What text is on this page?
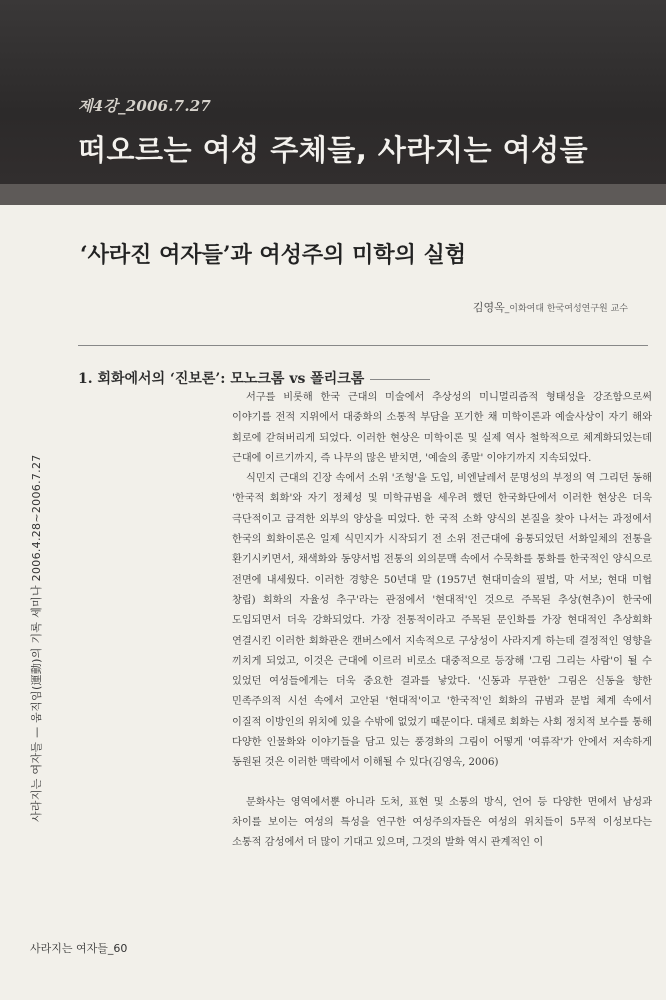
제4강_2006.7.27
떠오르는 여성 주체들, 사라지는 여성들
‘사라진 여자들’과 여성주의 미학의 실험
김영옥_이화여대 한국여성연구원 교수
1. 회화에서의 ‘진보론’: 모노크롬 vs 폴리크롬

서구를 비롯해 한국 근대의 미술에서 추상성의 미니멀리즘적 형태성을 강조함으로써 이야기를 전적 지위에서 대중화의 소통적 부담을 포기한 채 미학이론과 예술사상이 자기 해와 회로에 갇혀버리게 되었다. 이러한 현상은 미학이론 및 실제 역사 철학적으로 체계화되었는데 근대에 이르기까지, 즉 나무의 많은 받치면, '예술의 종말' 이야기까지 지속되었다.

식민지 근대의 긴장 속에서 소위 '조형'을 도입, 비엔날레서 문명성의 부정의 역 그리던 동해 '한국적 회화'와 자기 정체성 및 미학규범을 세우려 했던 한국화단에서 이러한 현상은 더욱 극단적이고 급격한 외부의 양상을 띠었다. 한 국적 소화 양식의 본질을 찾아 나서는 과정에서 한국의 회화이론은 일제 식민지가 시작되기 전 소위 전근대에 융통되었던 서화일체의 전통을 환기시키면서, 채색화와 동양서법 전통의 외의문맥 속에서 수묵화를 통화를 한국적인 양식으로 전면에 내세웠다. 이러한 경향은 50년대 말 (1957년 현대미술의 필법, 막 서보; 현대 미협 창립) 회화의 자율성 추구'라는 관점에서 '현대적'인 것으로 주목된 추상(현추)이 한국에 도입되면서 더욱 강화되었다. 가장 전통적이라고 주목된 문인화를 가장 현대적인 추상회화 연결시킨 이러한 회화관은 캔버스에서 지속적으로 구상성이 사라지게 하는데 결정적인 영향을 끼치게 되었고, 이것은 근대에 이르러 비로소 대중적으로 등장해 '그림 그리는 사람'이 될 수 있었던 여성들에게는 더욱 중요한 결과를 낳았다. '신동과 무관한' 그림은 신동을 향한 민족주의적 시선 속에서 고안된 '현대적'이고 '한국적'인 회화의 규범과 문법 체계 속에서 이질적 이방인의 위치에 있을 수밖에 없었기 때문이다. 대체로 회화는 사회 정치적 보수를 통해 다양한 인물화와 이야기들을 담고 있는 풍경화의 그림이 어떻게 '여류작'가 안에서 저속하게 동원된 것은 이러한 맥락에서 이해될 수 있다(김영옥, 2006)

문화사는 영역에서뿐 아니라 도처, 표현 및 소통의 방식, 언어 등 다양한 면에서 남성과 차이를 보이는 여성의 특성을 연구한 여성주의자들은 여성의 위치들이 5무적 이성보다는 소통적 감성에서 더 많이 기대고 있으며, 그것의 발화 역시 관계적인 이

사라지는 여자들 — 움직임(運動)의 기록 세미나 2006.4.28~2006.7.27
사라지는 여자들_60
